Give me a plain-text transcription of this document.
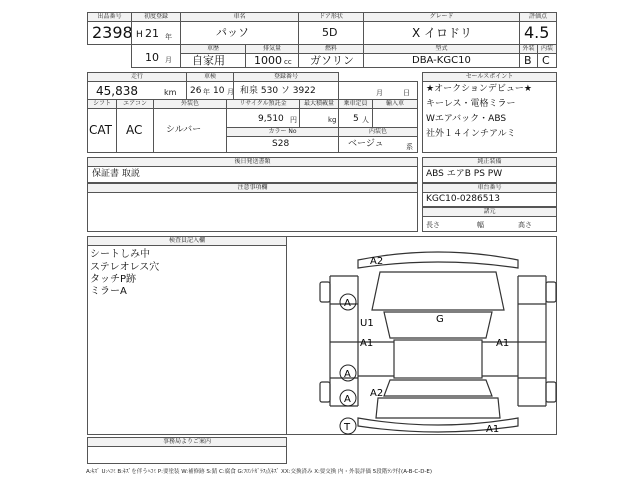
出品番号
2398
初度登録
H 21 年
車名
パッソ
ドア形状
5D
グレード
X イロドリ
評価点
4.5
10 月
車歴
自家用
排気量
1000 cc
燃料
ガソリン
型式
DBA-KGC10
外装	内装
B C
走行
45,838	km
車検
26 年 10 月
登録番号
和泉 530 ソ 3922	月	日
シフト	エアコン	外装色
CAT AC	シルバー
リサイクル預託金
9,510 円
最大積載量
kg
乗車定員
5 人
輸入車
カラー No
S28
内装色
ベージュ	系
セールスポイント
★オークションデビュー★
キーレス・電格ミラー
Wエアバック・ABS
社外１４インチアルミ
後日発送書類
保証書 取説
純正装備
ABS エアB PS PW
注意事項欄	車台番号
KGC10-0286513
諸元
長さ	幅	高さ
検査員記入欄
シートしみ中
ステレオレス穴
タッチP跡
ミラーA
A2
A
G
U1
A1	A1
A
A2
A
T	A1
事務局よりご案内
A:ｷｽﾞ U:ﾍｺﾐ B:ｷｽﾞを伴うﾍｺﾐ P:要塗装 W:補修跡 S:錆 C:腐食 G:ﾌﾛﾝﾄｶﾞﾗｽ点ｷｽﾞ XX:交換済み X:要交換 内・外装評価 5段階ﾗﾝｸ付(A-B-C-D-E)
